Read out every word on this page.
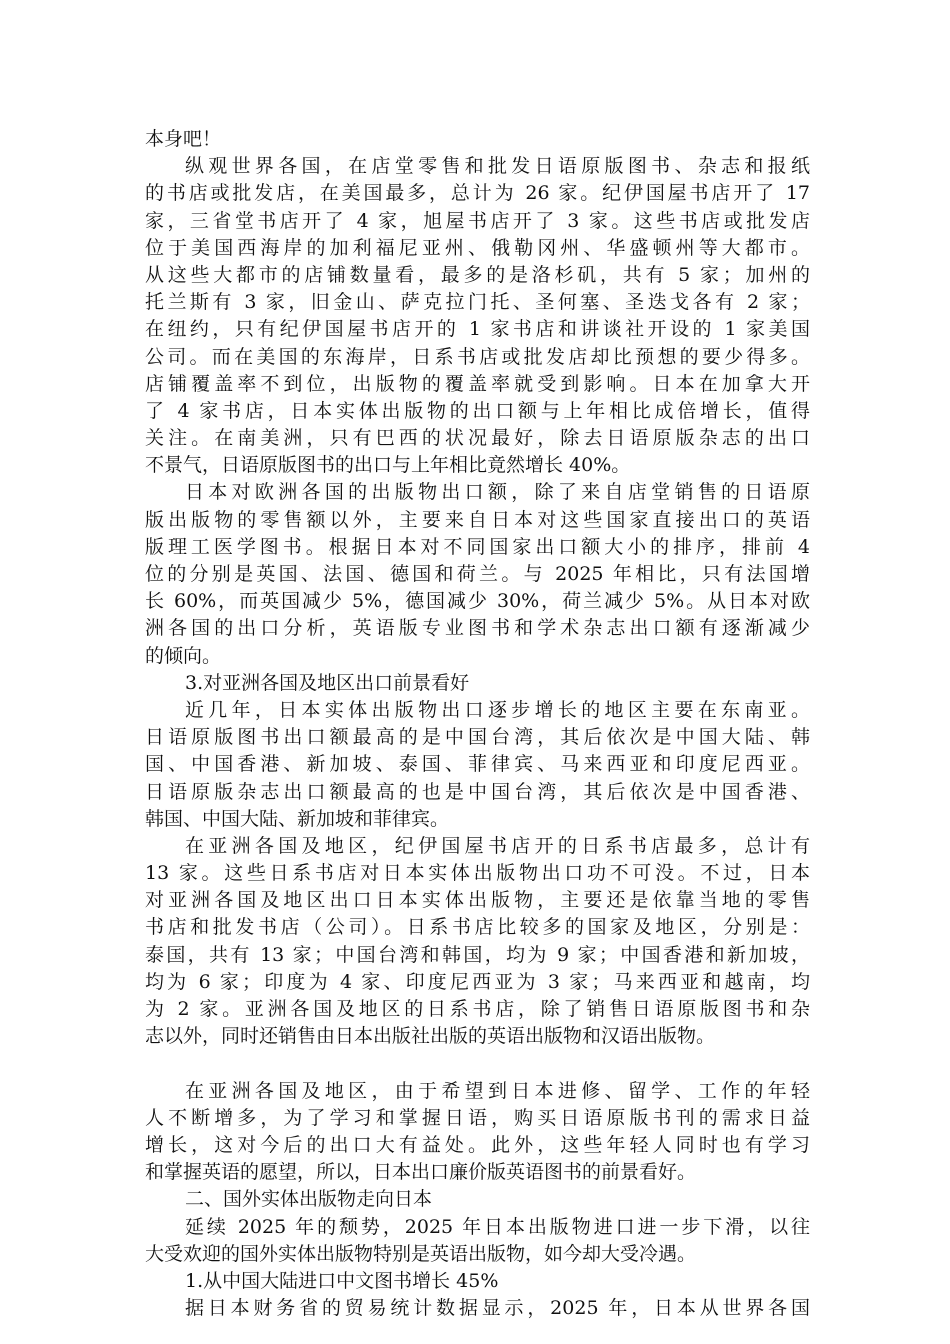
本身吧！
纵观世界各国，在店堂零售和批发日语原版图书、杂志和报纸
的书店或批发店，在美国最多，总计为 26 家。纪伊国屋书店开了 17
家，三省堂书店开了 4 家，旭屋书店开了 3 家。这些书店或批发店
位于美国西海岸的加利福尼亚州、俄勒冈州、华盛顿州等大都市。
从这些大都市的店铺数量看，最多的是洛杉矶，共有 5 家；加州的
托兰斯有 3 家，旧金山、萨克拉门托、圣何塞、圣迭戈各有 2 家；
在纽约，只有纪伊国屋书店开的 1 家书店和讲谈社开设的 1 家美国
公司。而在美国的东海岸，日系书店或批发店却比预想的要少得多。
店铺覆盖率不到位，出版物的覆盖率就受到影响。日本在加拿大开
了 4 家书店，日本实体出版物的出口额与上年相比成倍增长，值得
关注。在南美洲，只有巴西的状况最好，除去日语原版杂志的出口
不景气，日语原版图书的出口与上年相比竟然增长 40%。
日本对欧洲各国的出版物出口额，除了来自店堂销售的日语原
版出版物的零售额以外，主要来自日本对这些国家直接出口的英语
版理工医学图书。根据日本对不同国家出口额大小的排序，排前 4
位的分别是英国、法国、德国和荷兰。与 2025 年相比，只有法国增
长 60%，而英国减少 5%，德国减少 30%，荷兰减少 5%。从日本对欧
洲各国的出口分析，英语版专业图书和学术杂志出口额有逐渐减少
的倾向。
3.对亚洲各国及地区出口前景看好
近几年，日本实体出版物出口逐步增长的地区主要在东南亚。
日语原版图书出口额最高的是中国台湾，其后依次是中国大陆、韩
国、中国香港、新加坡、泰国、菲律宾、马来西亚和印度尼西亚。
日语原版杂志出口额最高的也是中国台湾，其后依次是中国香港、
韩国、中国大陆、新加坡和菲律宾。
在亚洲各国及地区，纪伊国屋书店开的日系书店最多，总计有
13 家。这些日系书店对日本实体出版物出口功不可没。不过，日本
对亚洲各国及地区出口日本实体出版物，主要还是依靠当地的零售
书店和批发书店（公司）。日系书店比较多的国家及地区，分别是：
泰国，共有 13 家；中国台湾和韩国，均为 9 家；中国香港和新加坡，
均为 6 家；印度为 4 家、印度尼西亚为 3 家；马来西亚和越南，均
为 2 家。亚洲各国及地区的日系书店，除了销售日语原版图书和杂
志以外，同时还销售由日本出版社出版的英语出版物和汉语出版物。
在亚洲各国及地区，由于希望到日本进修、留学、工作的年轻
人不断增多，为了学习和掌握日语，购买日语原版书刊的需求日益
增长，这对今后的出口大有益处。此外，这些年轻人同时也有学习
和掌握英语的愿望，所以，日本出口廉价版英语图书的前景看好。
二、国外实体出版物走向日本
延续 2025 年的颓势，2025 年日本出版物进口进一步下滑，以往
大受欢迎的国外实体出版物特别是英语出版物，如今却大受冷遇。
1.从中国大陆进口中文图书增长 45%
据日本财务省的贸易统计数据显示，2025 年，日本从世界各国
